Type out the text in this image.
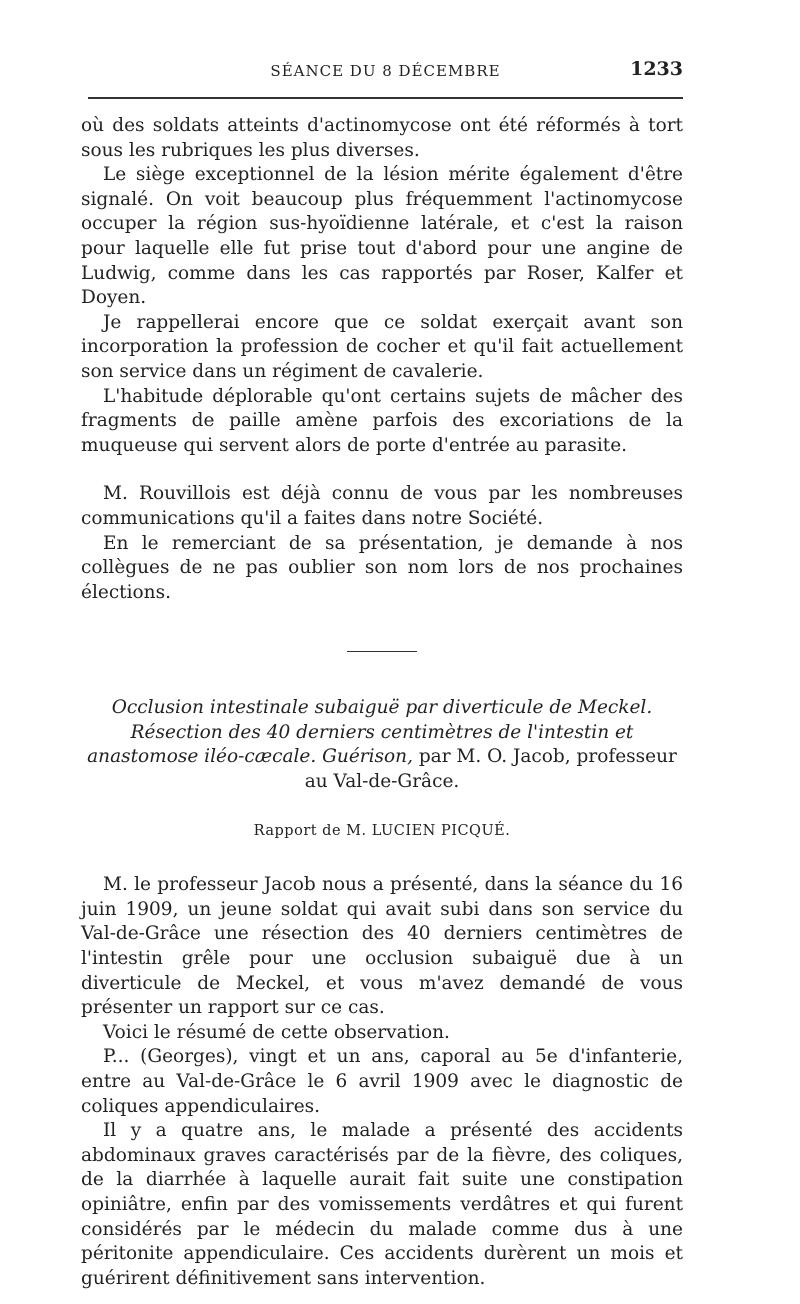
SÉANCE DU 8 DÉCEMBRE	1233

où des soldats atteints d'actinomycose ont été réformés à tort sous les rubriques les plus diverses.

Le siège exceptionnel de la lésion mérite également d'être signalé. On voit beaucoup plus fréquemment l'actinomycose occuper la région sus-hyoïdienne latérale, et c'est la raison pour laquelle elle fut prise tout d'abord pour une angine de Ludwig, comme dans les cas rapportés par Roser, Kalfer et Doyen.

Je rappellerai encore que ce soldat exerçait avant son incorporation la profession de cocher et qu'il fait actuellement son service dans un régiment de cavalerie.

L'habitude déplorable qu'ont certains sujets de mâcher des fragments de paille amène parfois des excoriations de la muqueuse qui servent alors de porte d'entrée au parasite.

M. Rouvillois est déjà connu de vous par les nombreuses communications qu'il a faites dans notre Société.

En le remerciant de sa présentation, je demande à nos collègues de ne pas oublier son nom lors de nos prochaines élections.

Occlusion intestinale subaiguë par diverticule de Meckel. Résection des 40 derniers centimètres de l'intestin et anastomose iléo-cæcale. Guérison, par M. O. Jacob, professeur au Val-de-Grâce.

Rapport de M. LUCIEN PICQUÉ.

M. le professeur Jacob nous a présenté, dans la séance du 16 juin 1909, un jeune soldat qui avait subi dans son service du Val-de-Grâce une résection des 40 derniers centimètres de l'intestin grêle pour une occlusion subaiguë due à un diverticule de Meckel, et vous m'avez demandé de vous présenter un rapport sur ce cas.

Voici le résumé de cette observation.

P... (Georges), vingt et un ans, caporal au 5e d'infanterie, entre au Val-de-Grâce le 6 avril 1909 avec le diagnostic de coliques appendiculaires.

Il y a quatre ans, le malade a présenté des accidents abdominaux graves caractérisés par de la fièvre, des coliques, de la diarrhée à laquelle aurait fait suite une constipation opiniâtre, enfin par des vomissements verdâtres et qui furent considérés par le médecin du malade comme dus à une péritonite appendiculaire. Ces accidents durèrent un mois et guérirent définitivement sans intervention.
